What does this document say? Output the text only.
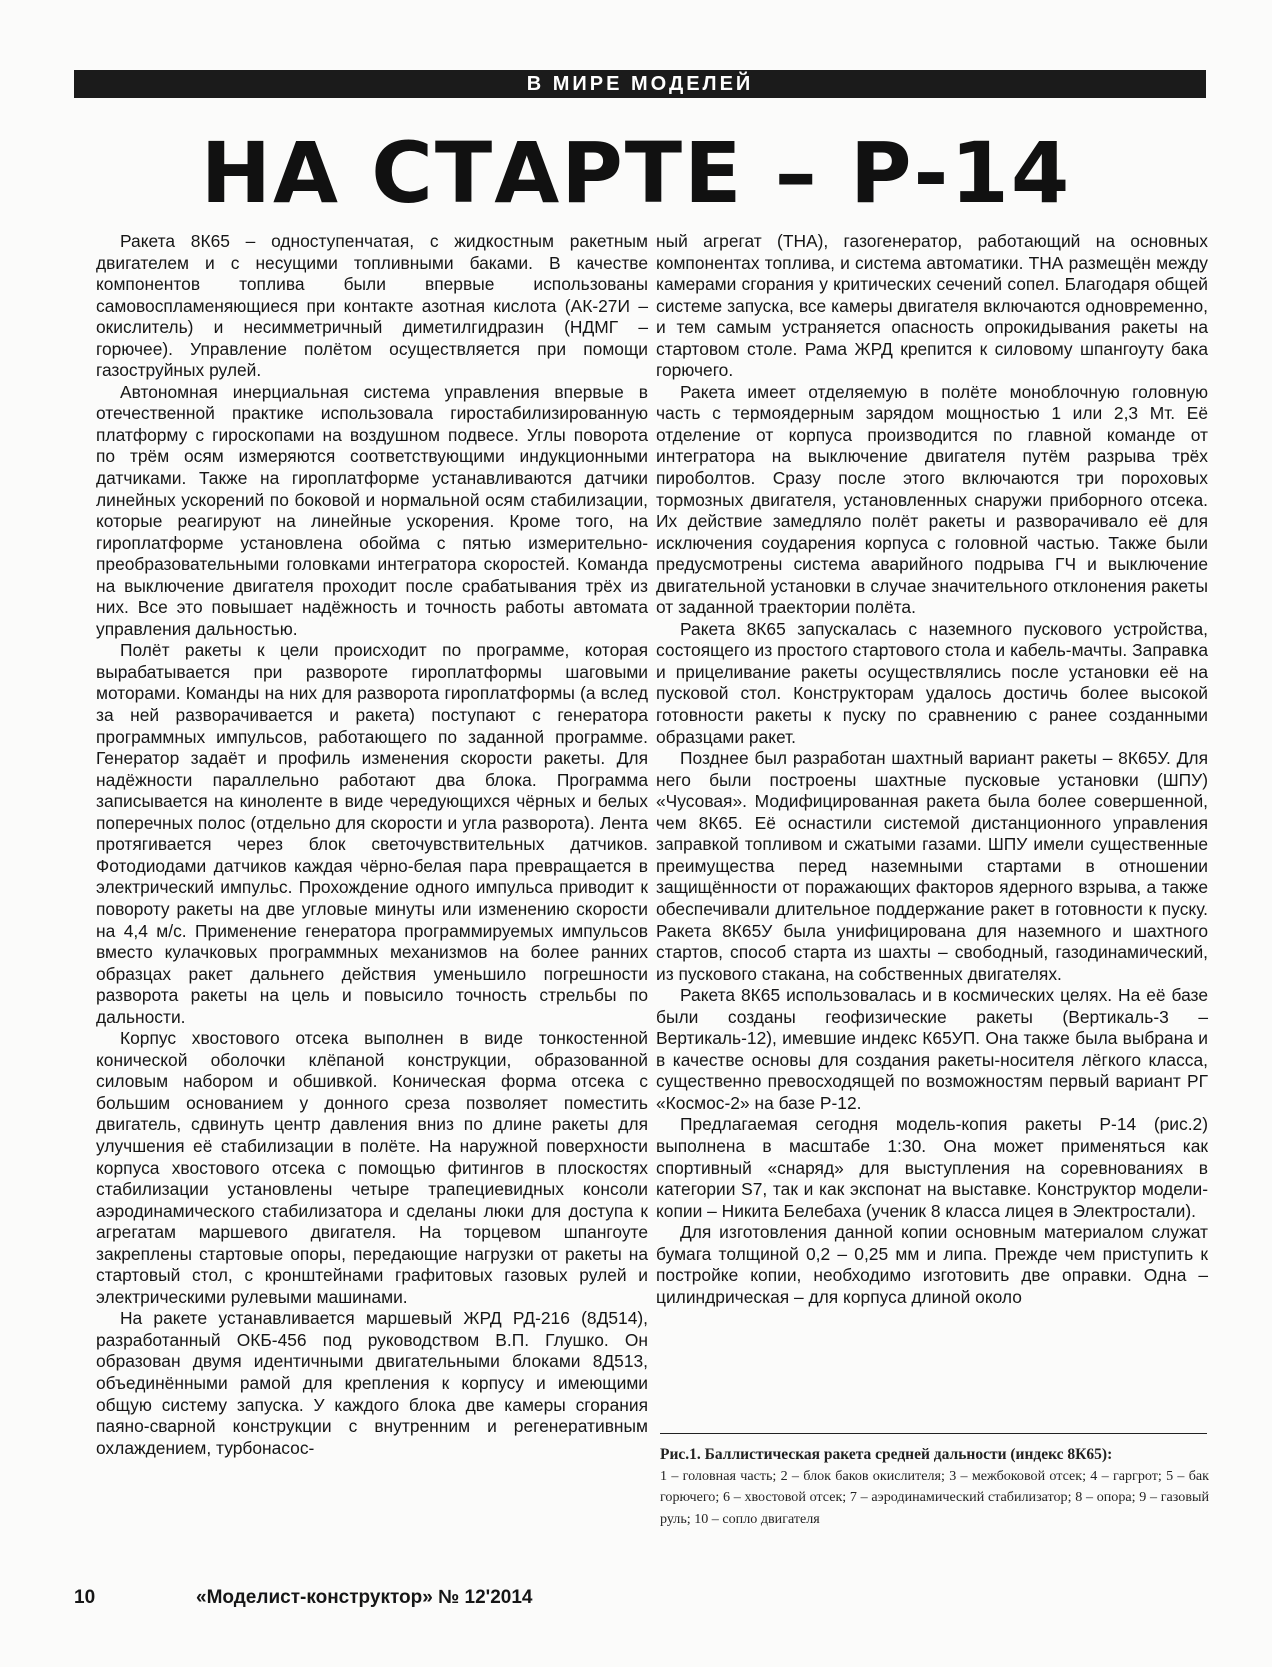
В МИРЕ МОДЕЛЕЙ
НА СТАРТЕ – Р-14

Ракета 8К65 – одноступенчатая, с жидкостным ракетным двигателем и с несущими топливными баками. В качестве компонентов топлива были впервые использованы самовоспламеняющиеся при контакте азотная кислота (АК-27И – окислитель) и несимметричный диметилгидразин (НДМГ – горючее). Управление полётом осуществляется при помощи газоструйных рулей.

Автономная инерциальная система управления впервые в отечественной практике использовала гиростабилизированную платформу с гироскопами на воздушном подвесе. Углы поворота по трём осям измеряются соответствующими индукционными датчиками. Также на гироплатформе устанавливаются датчики линейных ускорений по боковой и нормальной осям стабилизации, которые реагируют на линейные ускорения. Кроме того, на гироплатформе установлена обойма с пятью измерительно-преобразовательными головками интегратора скоростей. Команда на выключение двигателя проходит после срабатывания трёх из них. Все это повышает надёжность и точность работы автомата управления дальностью.

Полёт ракеты к цели происходит по программе, которая вырабатывается при развороте гироплатформы шаговыми моторами. Команды на них для разворота гироплатформы (а вслед за ней разворачивается и ракета) поступают с генератора программных импульсов, работающего по заданной программе. Генератор задаёт и профиль изменения скорости ракеты. Для надёжности параллельно работают два блока. Программа записывается на киноленте в виде чередующихся чёрных и белых поперечных полос (отдельно для скорости и угла разворота). Лента протягивается через блок светочувствительных датчиков. Фотодиодами датчиков каждая чёрно-белая пара превращается в электрический импульс. Прохождение одного импульса приводит к повороту ракеты на две угловые минуты или изменению скорости на 4,4 м/с. Применение генератора программируемых импульсов вместо кулачковых программных механизмов на более ранних образцах ракет дальнего действия уменьшило погрешности разворота ракеты на цель и повысило точность стрельбы по дальности.

Корпус хвостового отсека выполнен в виде тонкостенной конической оболочки клёпаной конструкции, образованной силовым набором и обшивкой. Коническая форма отсека с большим основанием у донного среза позволяет поместить двигатель, сдвинуть центр давления вниз по длине ракеты для улучшения её стабилизации в полёте. На наружной поверхности корпуса хвостового отсека с помощью фитингов в плоскостях стабилизации установлены четыре трапециевидных консоли аэродинамического стабилизатора и сделаны люки для доступа к агрегатам маршевого двигателя. На торцевом шпангоуте закреплены стартовые опоры, передающие нагрузки от ракеты на стартовый стол, с кронштейнами графитовых газовых рулей и электрическими рулевыми машинами.

На ракете устанавливается маршевый ЖРД РД-216 (8Д514), разработанный ОКБ-456 под руководством В.П. Глушко. Он образован двумя идентичными двигательными блоками 8Д513, объединёнными рамой для крепления к корпусу и имеющими общую систему запуска. У каждого блока две камеры сгорания паяно-сварной конструкции с внутренним и регенеративным охлаждением, турбонасос-

ный агрегат (ТНА), газогенератор, работающий на основных компонентах топлива, и система автоматики. ТНА размещён между камерами сгорания у критических сечений сопел. Благодаря общей системе запуска, все камеры двигателя включаются одновременно, и тем самым устраняется опасность опрокидывания ракеты на стартовом столе. Рама ЖРД крепится к силовому шпангоуту бака горючего.

Ракета имеет отделяемую в полёте моноблочную головную часть с термоядерным зарядом мощностью 1 или 2,3 Мт. Её отделение от корпуса производится по главной команде от интегратора на выключение двигателя путём разрыва трёх пироболтов. Сразу после этого включаются три пороховых тормозных двигателя, установленных снаружи приборного отсека. Их действие замедляло полёт ракеты и разворачивало её для исключения соударения корпуса с головной частью. Также были предусмотрены система аварийного подрыва ГЧ и выключение двигательной установки в случае значительного отклонения ракеты от заданной траектории полёта.

Ракета 8К65 запускалась с наземного пускового устройства, состоящего из простого стартового стола и кабель-мачты. Заправка и прицеливание ракеты осуществлялись после установки её на пусковой стол. Конструкторам удалось достичь более высокой готовности ракеты к пуску по сравнению с ранее созданными образцами ракет.

Позднее был разработан шахтный вариант ракеты – 8К65У. Для него были построены шахтные пусковые установки (ШПУ) «Чусовая». Модифицированная ракета была более совершенной, чем 8К65. Её оснастили системой дистанционного управления заправкой топливом и сжатыми газами. ШПУ имели существенные преимущества перед наземными стартами в отношении защищённости от поражающих факторов ядерного взрыва, а также обеспечивали длительное поддержание ракет в готовности к пуску. Ракета 8К65У была унифицирована для наземного и шахтного стартов, способ старта из шахты – свободный, газодинамический, из пускового стакана, на собственных двигателях.

Ракета 8К65 использовалась и в космических целях. На её базе были созданы геофизические ракеты (Вертикаль-3 – Вертикаль-12), имевшие индекс К65УП. Она также была выбрана и в качестве основы для создания ракеты-носителя лёгкого класса, существенно превосходящей по возможностям первый вариант РГ «Космос-2» на базе Р-12.

Предлагаемая сегодня модель-копия ракеты Р-14 (рис.2) выполнена в масштабе 1:30. Она может применяться как спортивный «снаряд» для выступления на соревнованиях в категории S7, так и как экспонат на выставке. Конструктор модели-копии – Никита Белебаха (ученик 8 класса лицея в Электростали).

Для изготовления данной копии основным материалом служат бумага толщиной 0,2 – 0,25 мм и липа. Прежде чем приступить к постройке копии, необходимо изготовить две оправки. Одна – цилиндрическая – для корпуса длиной около

Рис.1. Баллистическая ракета средней дальности (индекс 8К65):
1 – головная часть; 2 – блок баков окислителя; 3 – межбоковой отсек; 4 – гаргрот; 5 – бак горючего; 6 – хвостовой отсек; 7 – аэродинамический стабилизатор; 8 – опора; 9 – газовый руль; 10 – сопло двигателя
10	«Моделист-конструктор» № 12'2014
